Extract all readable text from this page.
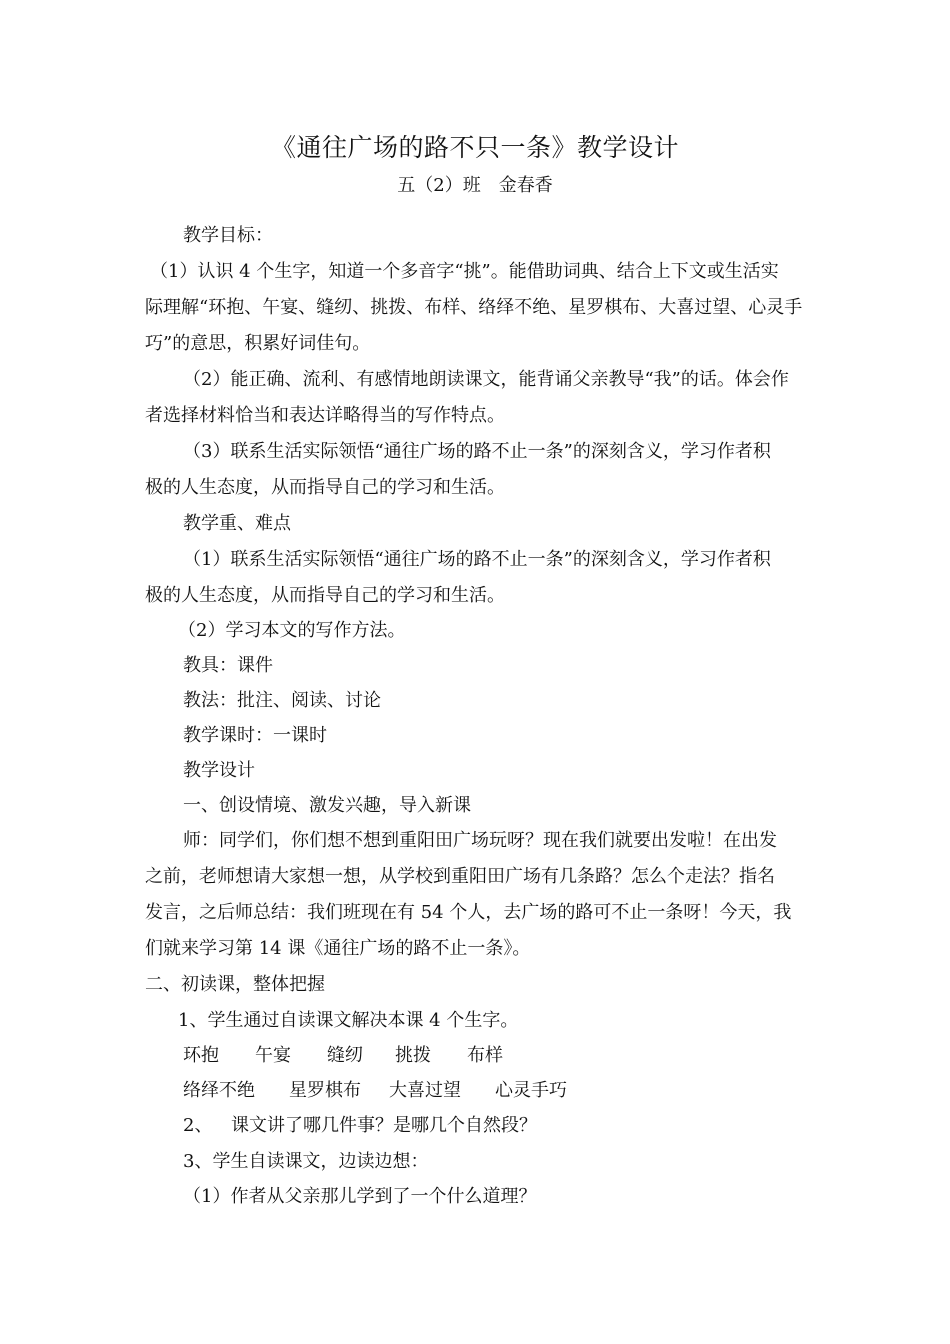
《通往广场的路不只一条》教学设计
五（2）班　金春香
教学目标：
（1）认识 4 个生字，知道一个多音字“挑”。能借助词典、结合上下文或生活实
际理解“环抱、午宴、缝纫、挑拨、布样、络绎不绝、星罗棋布、大喜过望、心灵手
巧”的意思，积累好词佳句。
（2）能正确、流利、有感情地朗读课文，能背诵父亲教导“我”的话。体会作
者选择材料恰当和表达详略得当的写作特点。
（3）联系生活实际领悟“通往广场的路不止一条”的深刻含义，学习作者积
极的人生态度，从而指导自己的学习和生活。
教学重、难点
（1）联系生活实际领悟“通往广场的路不止一条”的深刻含义，学习作者积
极的人生态度，从而指导自己的学习和生活。
（2）学习本文的写作方法。
教具：课件
教法：批注、阅读、讨论
教学课时：一课时
教学设计
一、创设情境、激发兴趣，导入新课
师：同学们，你们想不想到重阳田广场玩呀？现在我们就要出发啦！在出发
之前，老师想请大家想一想，从学校到重阳田广场有几条路？怎么个走法？指名
发言，之后师总结：我们班现在有 54 个人，去广场的路可不止一条呀！今天，我
们就来学习第 14 课《通往广场的路不止一条》。
二、初读课，整体把握
1、学生通过自读课文解决本课 4 个生字。
环抱	午宴	缝纫	挑拨	布样
络绎不绝	星罗棋布	大喜过望	心灵手巧
2、 课文讲了哪几件事？是哪几个自然段？
3、学生自读课文，边读边想：
（1）作者从父亲那儿学到了一个什么道理？
